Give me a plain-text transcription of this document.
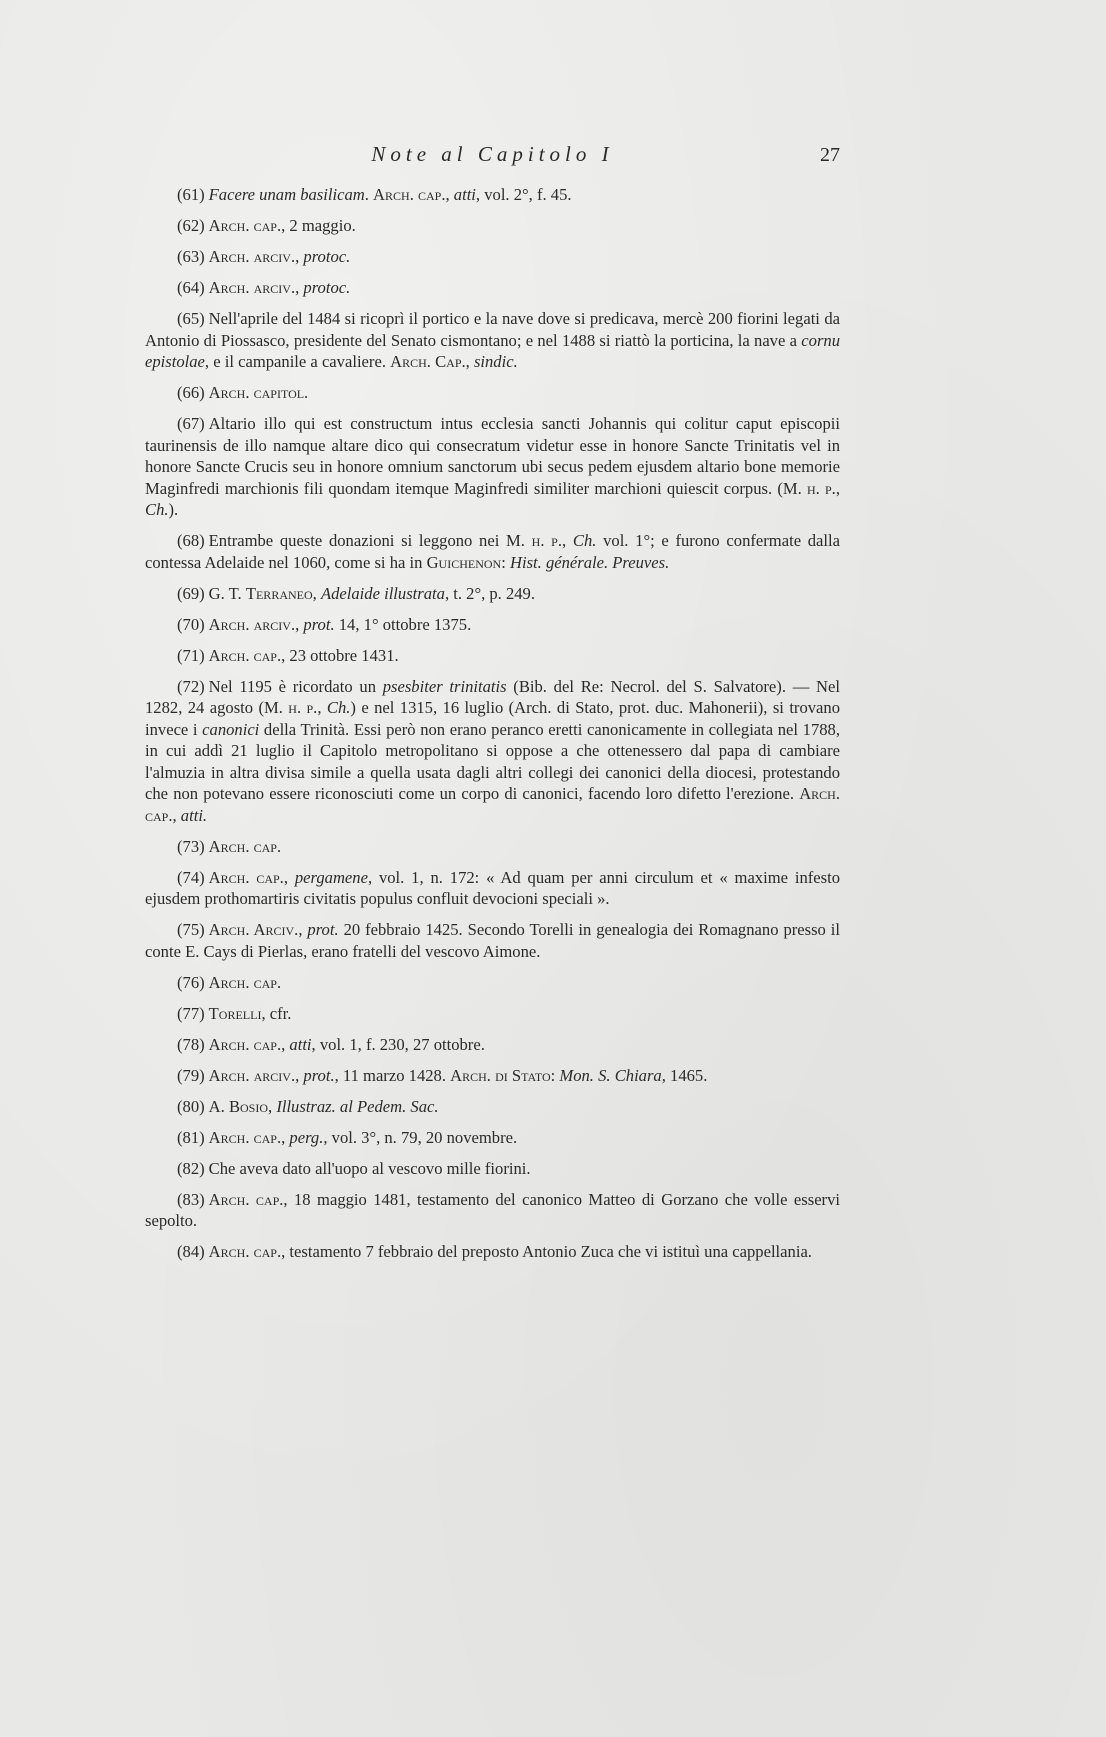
Note al Capitolo I	27

(61) Facere unam basilicam. Arch. cap., atti, vol. 2°, f. 45.

(62) Arch. cap., 2 maggio.

(63) Arch. arciv., protoc.

(64) Arch. arciv., protoc.

(65) Nell'aprile del 1484 si ricoprì il portico e la nave dove si predicava, mercè 200 fiorini legati da Antonio di Piossasco, presidente del Senato cismontano; e nel 1488 si riattò la porticina, la nave a cornu epistolae, e il campanile a cavaliere. Arch. Cap., sindic.

(66) Arch. capitol.

(67) Altario illo qui est constructum intus ecclesia sancti Johannis qui colitur caput episcopii taurinensis de illo namque altare dico qui consecratum videtur esse in honore Sancte Trinitatis vel in honore Sancte Crucis seu in honore omnium sanctorum ubi secus pedem ejusdem altario bone memorie Maginfredi marchionis fili quondam itemque Maginfredi similiter marchioni quiescit corpus. (M. h. p., Ch.).

(68) Entrambe queste donazioni si leggono nei M. h. p., Ch. vol. 1°; e furono confermate dalla contessa Adelaide nel 1060, come si ha in Guichenon: Hist. générale. Preuves.

(69) G. T. Terraneo, Adelaide illustrata, t. 2°, p. 249.

(70) Arch. arciv., prot. 14, 1° ottobre 1375.

(71) Arch. cap., 23 ottobre 1431.

(72) Nel 1195 è ricordato un psesbiter trinitatis (Bib. del Re: Necrol. del S. Salvatore). — Nel 1282, 24 agosto (M. h. p., Ch.) e nel 1315, 16 luglio (Arch. di Stato, prot. duc. Mahonerii), si trovano invece i canonici della Trinità. Essi però non erano peranco eretti canonicamente in collegiata nel 1788, in cui addì 21 luglio il Capitolo metropolitano si oppose a che ottenessero dal papa di cambiare l'almuzia in altra divisa simile a quella usata dagli altri collegi dei canonici della diocesi, protestando che non potevano essere riconosciuti come un corpo di canonici, facendo loro difetto l'erezione. Arch. cap., atti.

(73) Arch. cap.

(74) Arch. cap., pergamene, vol. 1, n. 172: « Ad quam per anni circulum et « maxime infesto ejusdem prothomartiris civitatis populus confluit devocioni speciali ».

(75) Arch. Arciv., prot. 20 febbraio 1425. Secondo Torelli in genealogia dei Romagnano presso il conte E. Cays di Pierlas, erano fratelli del vescovo Aimone.

(76) Arch. cap.

(77) Torelli, cfr.

(78) Arch. cap., atti, vol. 1, f. 230, 27 ottobre.

(79) Arch. arciv., prot., 11 marzo 1428. Arch. di Stato: Mon. S. Chiara, 1465.

(80) A. Bosio, Illustraz. al Pedem. Sac.

(81) Arch. cap., perg., vol. 3°, n. 79, 20 novembre.

(82) Che aveva dato all'uopo al vescovo mille fiorini.

(83) Arch. cap., 18 maggio 1481, testamento del canonico Matteo di Gorzano che volle esservi sepolto.

(84) Arch. cap., testamento 7 febbraio del preposto Antonio Zuca che vi istituì una cappellania.
